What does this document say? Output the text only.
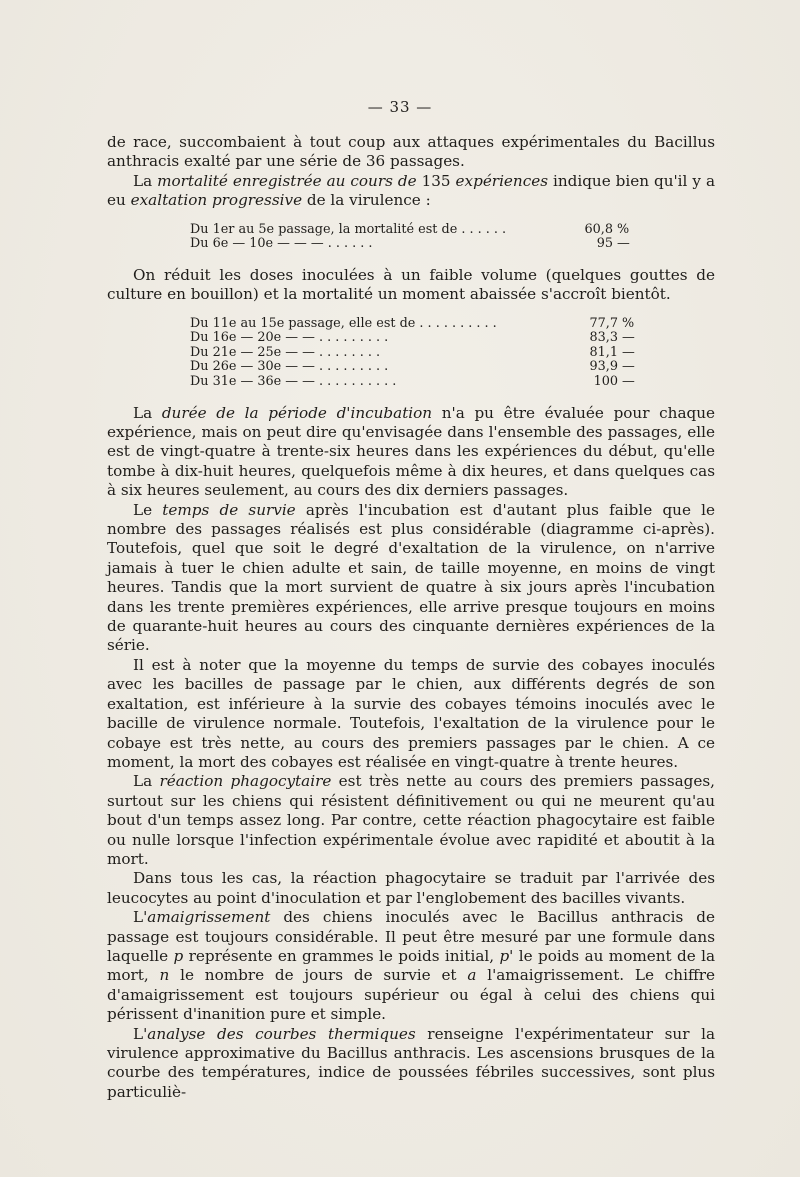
— 33 —

de race, succombaient à tout coup aux attaques expérimentales du Bacillus anthracis exalté par une série de 36 passages.

La mortalité enregistrée au cours de 135 expériences indique bien qu'il y a eu exaltation progressive de la virulence :

Du 1er au 5e passage, la mortalité est de . . . . . .	60,8 %
Du 6e — 10e — — — . . . . . .	95 —

On réduit les doses inoculées à un faible volume (quelques gouttes de culture en bouillon) et la mortalité un moment abaissée s'accroît bientôt.

Du 11e au 15e passage, elle est de . . . . . . . . . .	77,7 %
Du 16e — 20e — — . . . . . . . . .	83,3 —
Du 21e — 25e — — . . . . . . . .	81,1 —
Du 26e — 30e — — . . . . . . . . .	93,9 —
Du 31e — 36e — — . . . . . . . . . .	100 —

La durée de la période d'incubation n'a pu être évaluée pour chaque expérience, mais on peut dire qu'envisagée dans l'ensemble des passages, elle est de vingt-quatre à trente-six heures dans les expériences du début, qu'elle tombe à dix-huit heures, quelquefois même à dix heures, et dans quelques cas à six heures seulement, au cours des dix derniers passages.

Le temps de survie après l'incubation est d'autant plus faible que le nombre des passages réalisés est plus considérable (diagramme ci-après). Toutefois, quel que soit le degré d'exaltation de la virulence, on n'arrive jamais à tuer le chien adulte et sain, de taille moyenne, en moins de vingt heures. Tandis que la mort survient de quatre à six jours après l'incubation dans les trente premières expériences, elle arrive presque toujours en moins de quarante-huit heures au cours des cinquante dernières expériences de la série.

Il est à noter que la moyenne du temps de survie des cobayes inoculés avec les bacilles de passage par le chien, aux différents degrés de son exaltation, est inférieure à la survie des cobayes témoins inoculés avec le bacille de virulence normale. Toutefois, l'exaltation de la virulence pour le cobaye est très nette, au cours des premiers passages par le chien. A ce moment, la mort des cobayes est réalisée en vingt-quatre à trente heures.

La réaction phagocytaire est très nette au cours des premiers passages, surtout sur les chiens qui résistent définitivement ou qui ne meurent qu'au bout d'un temps assez long. Par contre, cette réaction phagocytaire est faible ou nulle lorsque l'infection expérimentale évolue avec rapidité et aboutit à la mort.

Dans tous les cas, la réaction phagocytaire se traduit par l'arrivée des leucocytes au point d'inoculation et par l'englobement des bacilles vivants.

L'amaigrissement des chiens inoculés avec le Bacillus anthracis de passage est toujours considérable. Il peut être mesuré par une formule dans laquelle p représente en grammes le poids initial, p' le poids au moment de la mort, n le nombre de jours de survie et a l'amaigrissement. Le chiffre d'amaigrissement est toujours supérieur ou égal à celui des chiens qui périssent d'inanition pure et simple.

L'analyse des courbes thermiques renseigne l'expérimentateur sur la virulence approximative du Bacillus anthracis. Les ascensions brusques de la courbe des températures, indice de poussées fébriles successives, sont plus particuliè-
